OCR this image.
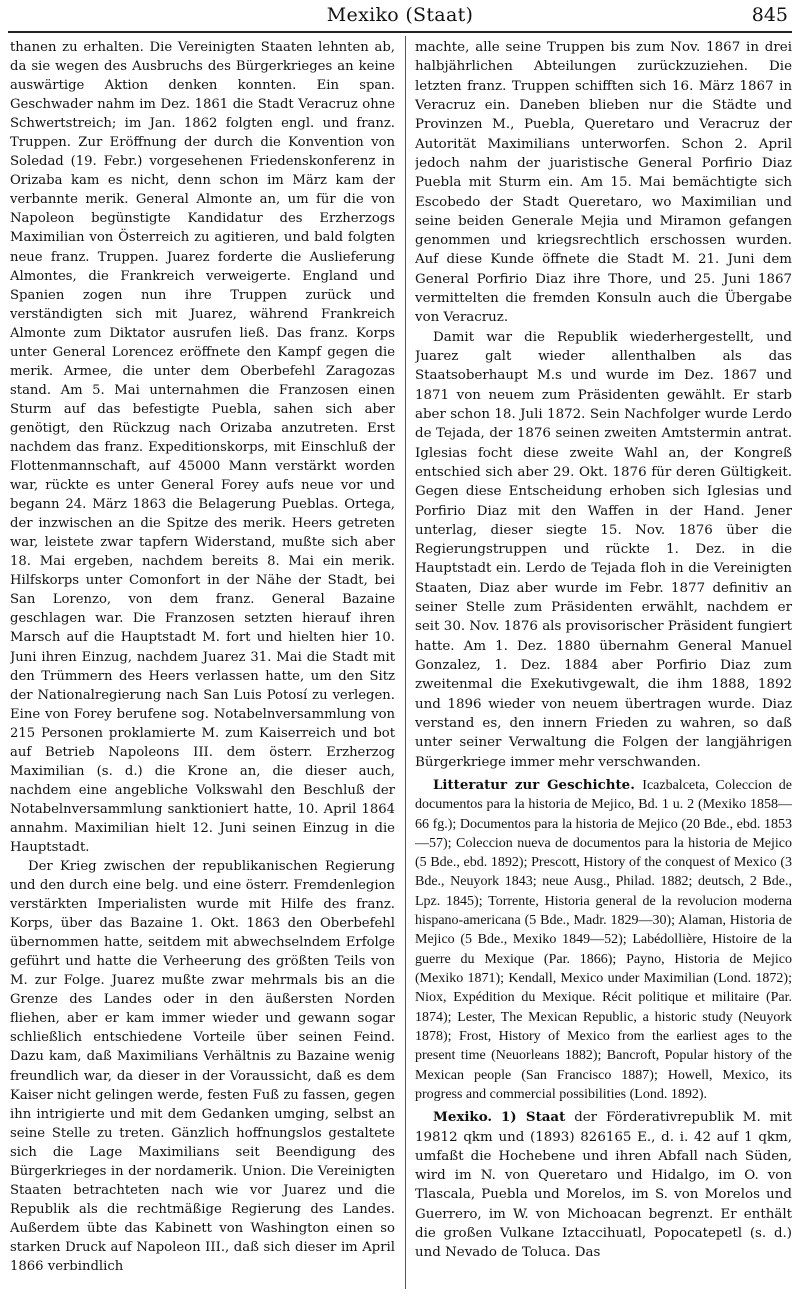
Mexiko (Staat)	845

thanen zu erhalten. Die Vereinigten Staaten lehnten ab, da sie wegen des Ausbruchs des Bürgerkrieges an keine auswärtige Aktion denken konnten. Ein span. Geschwader nahm im Dez. 1861 die Stadt Veracruz ohne Schwertstreich; im Jan. 1862 folgten engl. und franz. Truppen. Zur Eröffnung der durch die Konvention von Soledad (19. Febr.) vorgesehenen Friedenskonferenz in Orizaba kam es nicht, denn schon im März kam der verbannte merik. General Almonte an, um für die von Napoleon begünstigte Kandidatur des Erzherzogs Maximilian von Österreich zu agitieren, und bald folgten neue franz. Truppen. Juarez forderte die Auslieferung Almontes, die Frankreich verweigerte. England und Spanien zogen nun ihre Truppen zurück und verständigten sich mit Juarez, während Frankreich Almonte zum Diktator ausrufen ließ. Das franz. Korps unter General Lorencez eröffnete den Kampf gegen die merik. Armee, die unter dem Oberbefehl Zaragozas stand. Am 5. Mai unternahmen die Franzosen einen Sturm auf das befestigte Puebla, sahen sich aber genötigt, den Rückzug nach Orizaba anzutreten. Erst nachdem das franz. Expeditionskorps, mit Einschluß der Flottenmannschaft, auf 45000 Mann verstärkt worden war, rückte es unter General Forey aufs neue vor und begann 24. März 1863 die Belagerung Pueblas. Ortega, der inzwischen an die Spitze des merik. Heers getreten war, leistete zwar tapfern Widerstand, mußte sich aber 18. Mai ergeben, nachdem bereits 8. Mai ein merik. Hilfskorps unter Comonfort in der Nähe der Stadt, bei San Lorenzo, von dem franz. General Bazaine geschlagen war. Die Franzosen setzten hierauf ihren Marsch auf die Hauptstadt M. fort und hielten hier 10. Juni ihren Einzug, nachdem Juarez 31. Mai die Stadt mit den Trümmern des Heers verlassen hatte, um den Sitz der Nationalregierung nach San Luis Potosí zu verlegen. Eine von Forey berufene sog. Notabelnversammlung von 215 Personen proklamierte M. zum Kaiserreich und bot auf Betrieb Napoleons III. dem österr. Erzherzog Maximilian (s. d.) die Krone an, die dieser auch, nachdem eine angebliche Volkswahl den Beschluß der Notabelnversammlung sanktioniert hatte, 10. April 1864 annahm. Maximilian hielt 12. Juni seinen Einzug in die Hauptstadt.

Der Krieg zwischen der republikanischen Regierung und den durch eine belg. und eine österr. Fremdenlegion verstärkten Imperialisten wurde mit Hilfe des franz. Korps, über das Bazaine 1. Okt. 1863 den Oberbefehl übernommen hatte, seitdem mit abwechselndem Erfolge geführt und hatte die Verheerung des größten Teils von M. zur Folge. Juarez mußte zwar mehrmals bis an die Grenze des Landes oder in den äußersten Norden fliehen, aber er kam immer wieder und gewann sogar schließlich entschiedene Vorteile über seinen Feind. Dazu kam, daß Maximilians Verhältnis zu Bazaine wenig freundlich war, da dieser in der Voraussicht, daß es dem Kaiser nicht gelingen werde, festen Fuß zu fassen, gegen ihn intrigierte und mit dem Gedanken umging, selbst an seine Stelle zu treten. Gänzlich hoffnungslos gestaltete sich die Lage Maximilians seit Beendigung des Bürgerkrieges in der nordamerik. Union. Die Vereinigten Staaten betrachteten nach wie vor Juarez und die Republik als die rechtmäßige Regierung des Landes. Außerdem übte das Kabinett von Washington einen so starken Druck auf Napoleon III., daß sich dieser im April 1866 verbindlich

machte, alle seine Truppen bis zum Nov. 1867 in drei halbjährlichen Abteilungen zurückzuziehen. Die letzten franz. Truppen schifften sich 16. März 1867 in Veracruz ein. Daneben blieben nur die Städte und Provinzen M., Puebla, Queretaro und Veracruz der Autorität Maximilians unterworfen. Schon 2. April jedoch nahm der juaristische General Porfirio Diaz Puebla mit Sturm ein. Am 15. Mai bemächtigte sich Escobedo der Stadt Queretaro, wo Maximilian und seine beiden Generale Mejia und Miramon gefangen genommen und kriegsrechtlich erschossen wurden. Auf diese Kunde öffnete die Stadt M. 21. Juni dem General Porfirio Diaz ihre Thore, und 25. Juni 1867 vermittelten die fremden Konsuln auch die Übergabe von Veracruz.

Damit war die Republik wiederhergestellt, und Juarez galt wieder allenthalben als das Staatsoberhaupt M.s und wurde im Dez. 1867 und 1871 von neuem zum Präsidenten gewählt. Er starb aber schon 18. Juli 1872. Sein Nachfolger wurde Lerdo de Tejada, der 1876 seinen zweiten Amtstermin antrat. Iglesias focht diese zweite Wahl an, der Kongreß entschied sich aber 29. Okt. 1876 für deren Gültigkeit. Gegen diese Entscheidung erhoben sich Iglesias und Porfirio Diaz mit den Waffen in der Hand. Jener unterlag, dieser siegte 15. Nov. 1876 über die Regierungstruppen und rückte 1. Dez. in die Hauptstadt ein. Lerdo de Tejada floh in die Vereinigten Staaten, Diaz aber wurde im Febr. 1877 definitiv an seiner Stelle zum Präsidenten erwählt, nachdem er seit 30. Nov. 1876 als provisorischer Präsident fungiert hatte. Am 1. Dez. 1880 übernahm General Manuel Gonzalez, 1. Dez. 1884 aber Porfirio Diaz zum zweitenmal die Exekutivgewalt, die ihm 1888, 1892 und 1896 wieder von neuem übertragen wurde. Diaz verstand es, den innern Frieden zu wahren, so daß unter seiner Verwaltung die Folgen der langjährigen Bürgerkriege immer mehr verschwanden.

Litteratur zur Geschichte. Icazbalceta, Coleccion de documentos para la historia de Mejico, Bd. 1 u. 2 (Mexiko 1858—66 fg.); Documentos para la historia de Mejico (20 Bde., ebd. 1853—57); Coleccion nueva de documentos para la historia de Mejico (5 Bde., ebd. 1892); Prescott, History of the conquest of Mexico (3 Bde., Neuyork 1843; neue Ausg., Philad. 1882; deutsch, 2 Bde., Lpz. 1845); Torrente, Historia general de la revolucion moderna hispano-americana (5 Bde., Madr. 1829—30); Alaman, Historia de Mejico (5 Bde., Mexiko 1849—52); Labédollière, Histoire de la guerre du Mexique (Par. 1866); Payno, Historia de Mejico (Mexiko 1871); Kendall, Mexico under Maximilian (Lond. 1872); Niox, Expédition du Mexique. Récit politique et militaire (Par. 1874); Lester, The Mexican Republic, a historic study (Neuyork 1878); Frost, History of Mexico from the earliest ages to the present time (Neuorleans 1882); Bancroft, Popular history of the Mexican people (San Francisco 1887); Howell, Mexico, its progress and commercial possibilities (Lond. 1892).

Mexiko. 1) Staat der Förderativrepublik M. mit 19812 qkm und (1893) 826165 E., d. i. 42 auf 1 qkm, umfaßt die Hochebene und ihren Abfall nach Süden, wird im N. von Queretaro und Hidalgo, im O. von Tlascala, Puebla und Morelos, im S. von Morelos und Guerrero, im W. von Michoacan begrenzt. Er enthält die großen Vulkane Iztaccihuatl, Popocatepetl (s. d.) und Nevado de Toluca. Das
